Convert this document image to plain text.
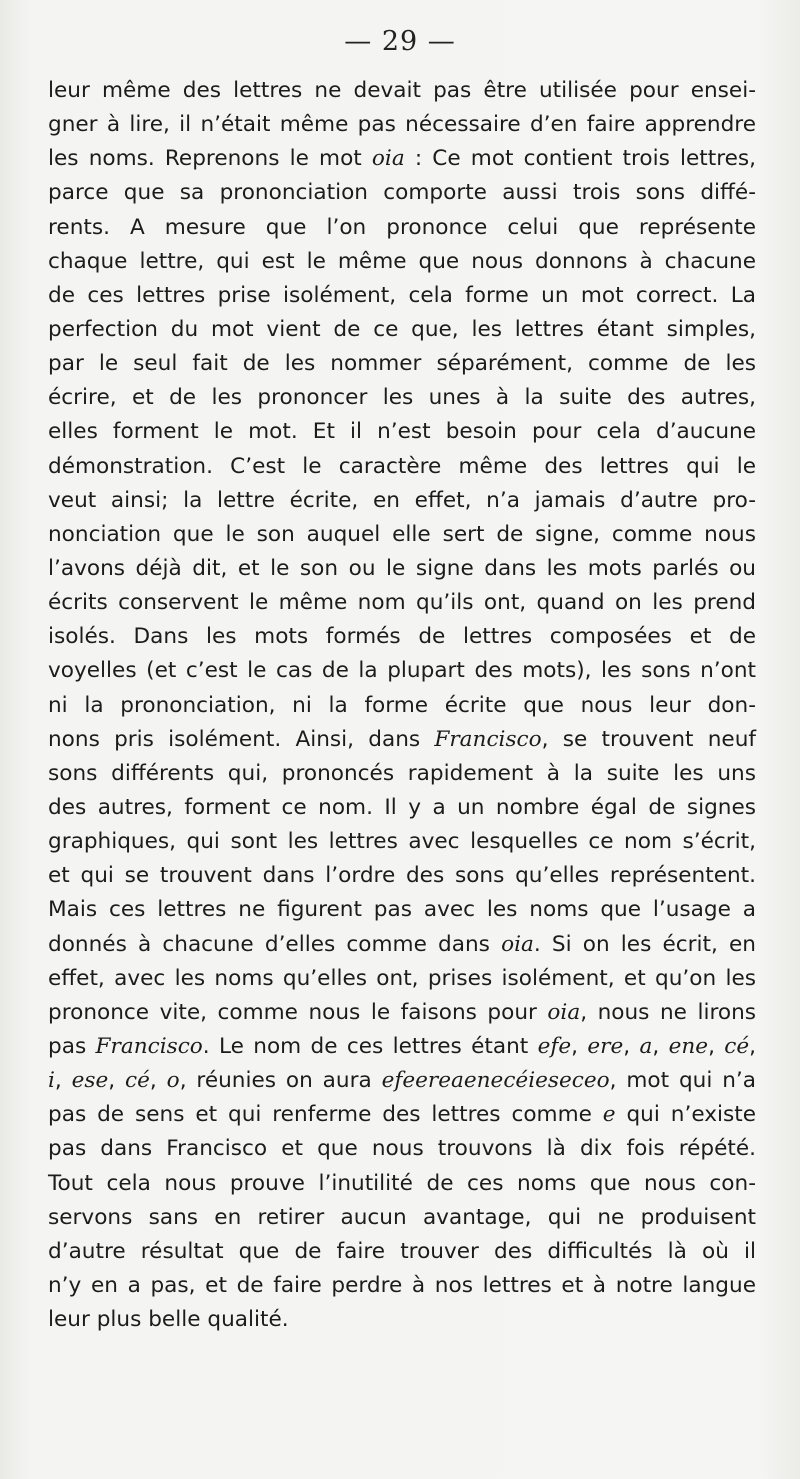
— 29 —
leur même des lettres ne devait pas être utilisée pour ensei-
gner à lire, il n’était même pas nécessaire d’en faire apprendre
les noms. Reprenons le mot oia : Ce mot contient trois lettres,
parce que sa prononciation comporte aussi trois sons diffé-
rents. A mesure que l’on prononce celui que représente
chaque lettre, qui est le même que nous donnons à chacune
de ces lettres prise isolément, cela forme un mot correct. La
perfection du mot vient de ce que, les lettres étant simples,
par le seul fait de les nommer séparément, comme de les
écrire, et de les prononcer les unes à la suite des autres,
elles forment le mot. Et il n’est besoin pour cela d’aucune
démonstration. C’est le caractère même des lettres qui le
veut ainsi; la lettre écrite, en effet, n’a jamais d’autre pro-
nonciation que le son auquel elle sert de signe, comme nous
l’avons déjà dit, et le son ou le signe dans les mots parlés ou
écrits conservent le même nom qu’ils ont, quand on les prend
isolés. Dans les mots formés de lettres composées et de
voyelles (et c’est le cas de la plupart des mots), les sons n’ont
ni la prononciation, ni la forme écrite que nous leur don-
nons pris isolément. Ainsi, dans Francisco, se trouvent neuf
sons différents qui, prononcés rapidement à la suite les uns
des autres, forment ce nom. Il y a un nombre égal de signes
graphiques, qui sont les lettres avec lesquelles ce nom s’écrit,
et qui se trouvent dans l’ordre des sons qu’elles représentent.
Mais ces lettres ne figurent pas avec les noms que l’usage a
donnés à chacune d’elles comme dans oia. Si on les écrit, en
effet, avec les noms qu’elles ont, prises isolément, et qu’on les
prononce vite, comme nous le faisons pour oia, nous ne lirons
pas Francisco. Le nom de ces lettres étant efe, ere, a, ene, cé,
i, ese, cé, o, réunies on aura efeereaenecéieseceo, mot qui n’a
pas de sens et qui renferme des lettres comme e qui n’existe
pas dans Francisco et que nous trouvons là dix fois répété.
Tout cela nous prouve l’inutilité de ces noms que nous con-
servons sans en retirer aucun avantage, qui ne produisent
d’autre résultat que de faire trouver des difficultés là où il
n’y en a pas, et de faire perdre à nos lettres et à notre langue
leur plus belle qualité.
